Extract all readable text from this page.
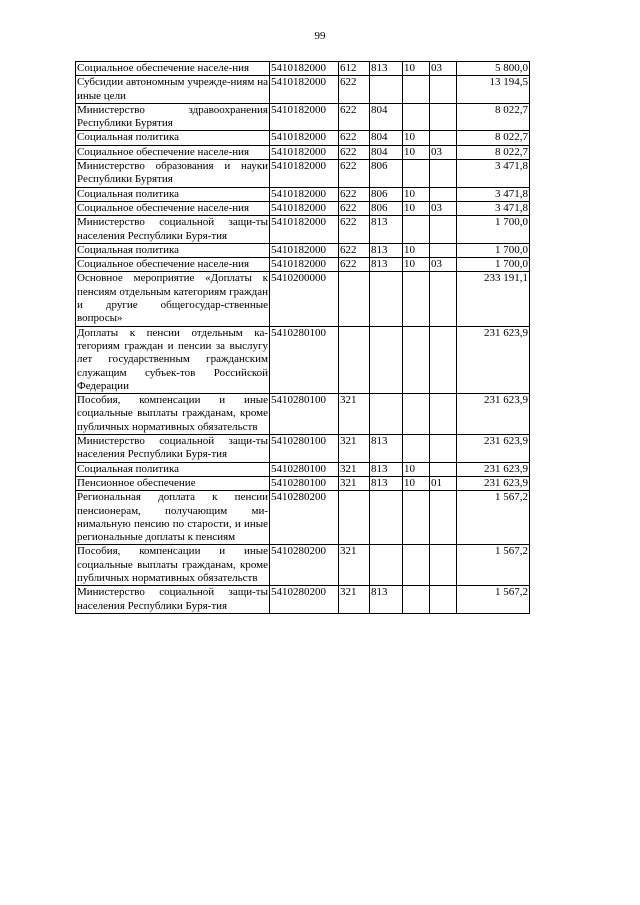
99
Социальное обеспечение населе-ния	5410182000	612	813	10	03	5 800,0
Субсидии автономным учрежде-ниям на иные цели	5410182000	622				13 194,5
Министерство здравоохранения Республики Бурятия	5410182000	622	804			8 022,7
Социальная политика	5410182000	622	804	10		8 022,7
Социальное обеспечение населе-ния	5410182000	622	804	10	03	8 022,7
Министерство образования и науки Республики Бурятия	5410182000	622	806			3 471,8
Социальная политика	5410182000	622	806	10		3 471,8
Социальное обеспечение населе-ния	5410182000	622	806	10	03	3 471,8
Министерство социальной защи-ты населения Республики Буря-тия	5410182000	622	813			1 700,0
Социальная политика	5410182000	622	813	10		1 700,0
Социальное обеспечение населе-ния	5410182000	622	813	10	03	1 700,0
Основное мероприятие «Доплаты к пенсиям отдельным категориям граждан и другие общегосудар-ственные вопросы»	5410200000					233 191,1
Доплаты к пенсии отдельным ка-тегориям граждан и пенсии за выслугу лет государственным гражданским служащим субъек-тов Российской Федерации	5410280100					231 623,9
Пособия, компенсации и иные социальные выплаты гражданам, кроме публичных нормативных обязательств	5410280100	321				231 623,9
Министерство социальной защи-ты населения Республики Буря-тия	5410280100	321	813			231 623,9
Социальная политика	5410280100	321	813	10		231 623,9
Пенсионное обеспечение	5410280100	321	813	10	01	231 623,9
Региональная доплата к пенсии пенсионерам, получающим ми-нимальную пенсию по старости, и иные региональные доплаты к пенсиям	5410280200					1 567,2
Пособия, компенсации и иные социальные выплаты гражданам, кроме публичных нормативных обязательств	5410280200	321				1 567,2
Министерство социальной защи-ты населения Республики Буря-тия	5410280200	321	813			1 567,2
